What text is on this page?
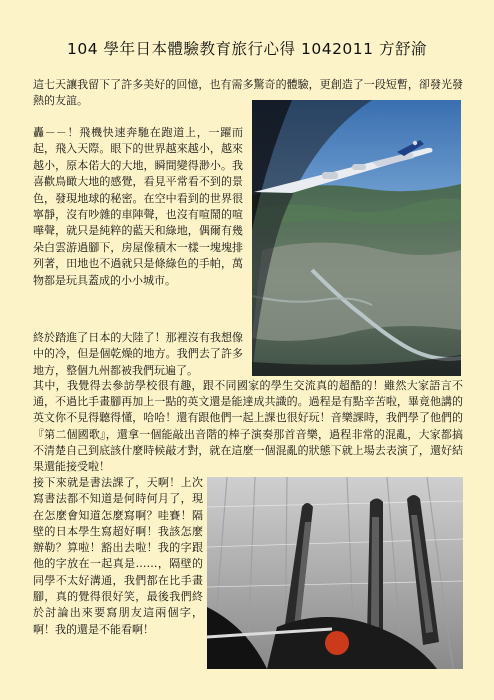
104 學年日本體驗教育旅行心得 1042011 方舒渝

這七天讓我留下了許多美好的回憶，也有需多驚奇的體驗，更創造了一段短暫，卻發光發熱的友誼。

轟－－！飛機快速奔馳在跑道上，一躍而起，飛入天際。眼下的世界越來越小，越來越小，原本偌大的大地，瞬間變得渺小。我喜歡鳥瞰大地的感覺，看見平常看不到的景色，發現地球的秘密。在空中看到的世界很寧靜，沒有吵雜的車陣聲，也沒有喧鬧的喧嘩聲，就只是純粹的藍天和綠地，偶爾有幾朵白雲游過腳下，房屋像積木一樣一塊塊排列著，田地也不過就只是條綠色的手帕，萬物都是玩具蓋成的小小城市。

終於踏進了日本的大陸了！那裡沒有我想像中的冷，但是個乾燥的地方。我們去了許多地方，整個九州都被我們玩遍了。

其中，我覺得去參訪學校很有趣，跟不同國家的學生交流真的超酷的！雖然大家語言不通，不過比手畫腳再加上一點的英文還是能達成共識的。過程是有點辛苦啦，畢竟他講的英文你不見得聽得懂，哈哈！還有跟他們一起上課也很好玩！音樂課時，我們學了他們的『第二個國歌』，還拿一個能敲出音階的棒子演奏那首音樂，過程非常的混亂，大家都搞不清楚自己到底該什麼時候敲才對，就在這麼一個混亂的狀態下就上場去表演了，還好結果還能接受啦！

接下來就是書法課了，天啊！上次寫書法都不知道是何時何月了，現在怎麼會知道怎麼寫啊？哇賽！隔壁的日本學生寫超好啊！我該怎麼辦勒？算啦！豁出去啦！我的字跟他的字放在一起真是……，隔壁的同學不太好溝通，我們都在比手畫腳，真的覺得很好笑，最後我們終於討論出來要寫朋友這兩個字，啊！我的還是不能看啊！
